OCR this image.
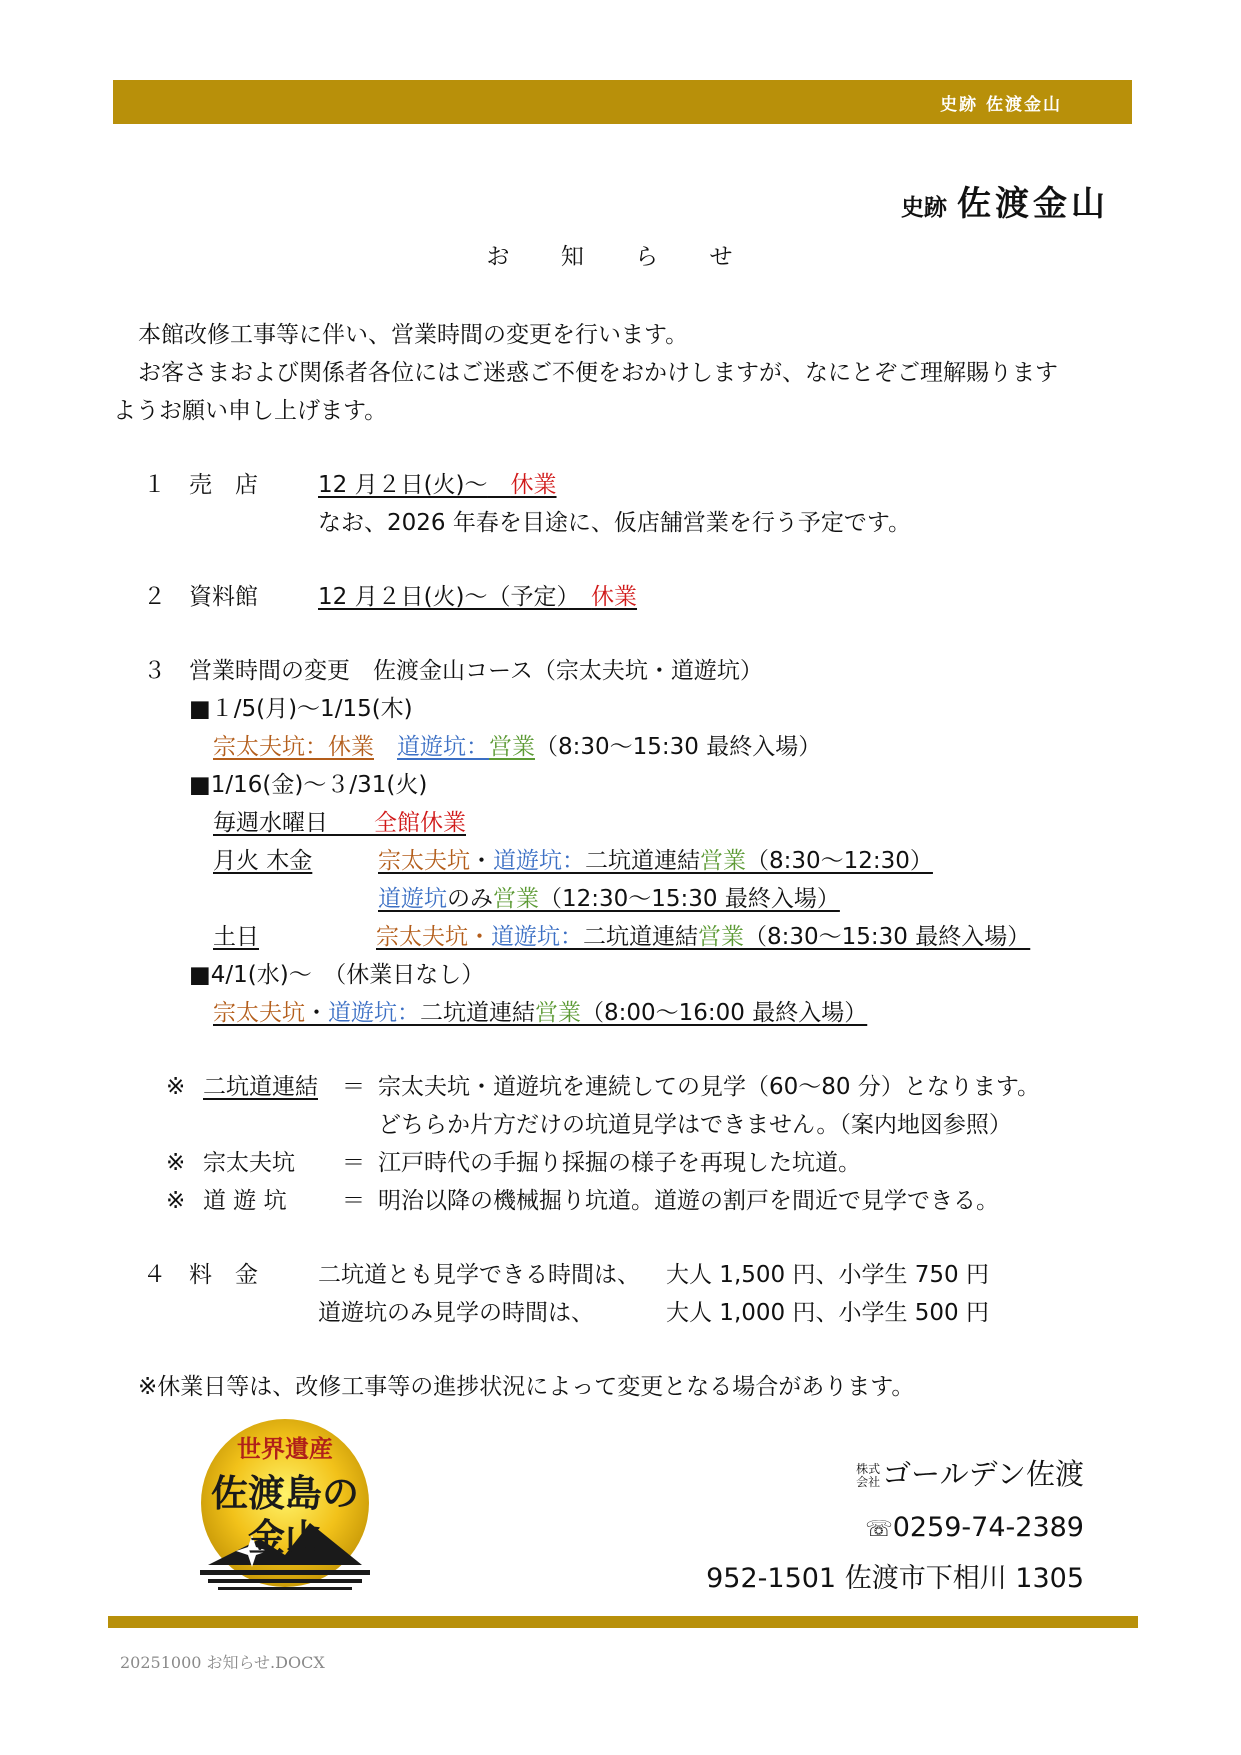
史跡 佐渡金山
史跡 佐渡金山
お 知 ら せ
本館改修工事等に伴い、営業時間の変更を行います。
お客さまおよび関係者各位にはご迷惑ご不便をおかけしますが、なにとぞご理解賜ります
ようお願い申し上げます。
１ 売　店	12 月２日(火)～　 休業
なお、2026 年春を目途に、仮店舗営業を行う予定です。
２ 資料館	12 月２日(火)～（予定）　 休業
３ 営業時間の変更　佐渡金山コース（宗太夫坑・道遊坑）
■１/5(月)～1/15(木)
宗太夫坑：休業　 道遊坑：営業（8:30～15:30 最終入場）
■1/16(金)～３/31(火)
毎週水曜日　　 全館休業
月火 木金	宗太夫坑・道遊坑：二坑道連結営業（8:30～12:30）
道遊坑のみ営業（12:30～15:30 最終入場）
土日	宗太夫坑・道遊坑：二坑道連結営業（8:30～15:30 最終入場）
■4/1(水)～　（休業日なし）
宗太夫坑・道遊坑：二坑道連結営業（8:00～16:00 最終入場）
※ 二坑道連結 ＝ 宗太夫坑・道遊坑を連続しての見学（60～80 分）となります。
どちらか片方だけの坑道見学はできません。（案内地図参照）
※ 宗太夫坑 ＝ 江戸時代の手掘り採掘の様子を再現した坑道。
※ 道 遊 坑 ＝ 明治以降の機械掘り坑道。道遊の割戸を間近で見学できる。
４ 料　金	二坑道とも見学できる時間は、 大人 1,500 円、小学生 750 円
道遊坑のみ見学の時間は、	大人 1,000 円、小学生 500 円
※休業日等は、改修工事等の進捗状況によって変更となる場合があります。
世界遺産
佐渡島の
金山
株式
会社ゴールデン佐渡
☏0259-74-2389
952-1501 佐渡市下相川 1305
20251000 お知らせ.DOCX
